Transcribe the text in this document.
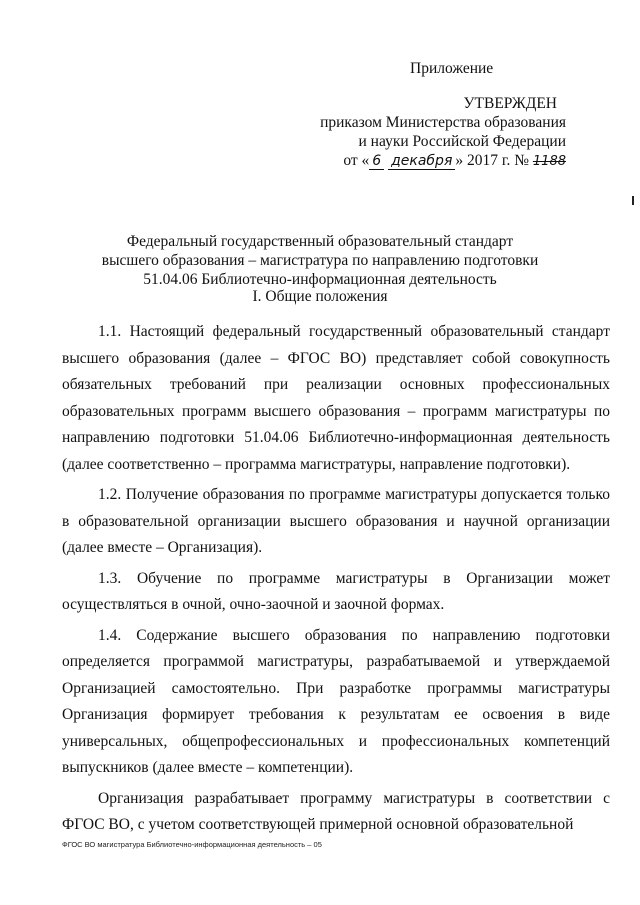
Приложение
УТВЕРЖДЕН
приказом Министерства образования
и науки Российской Федерации
от « 6 декабря » 2017 г. № 1188
Федеральный государственный образовательный стандарт
высшего образования – магистратура по направлению подготовки
51.04.06 Библиотечно-информационная деятельность
I. Общие положения

1.1. Настоящий федеральный государственный образовательный стандарт высшего образования (далее – ФГОС ВО) представляет собой совокупность обязательных требований при реализации основных профессиональных образовательных программ высшего образования – программ магистратуры по направлению подготовки 51.04.06 Библиотечно-информационная деятельность (далее соответственно – программа магистратуры, направление подготовки).

1.2. Получение образования по программе магистратуры допускается только в образовательной организации высшего образования и научной организации (далее вместе – Организация).

1.3. Обучение по программе магистратуры в Организации может осуществляться в очной, очно-заочной и заочной формах.

1.4. Содержание высшего образования по направлению подготовки определяется программой магистратуры, разрабатываемой и утверждаемой Организацией самостоятельно. При разработке программы магистратуры Организация формирует требования к результатам ее освоения в виде универсальных, общепрофессиональных и профессиональных компетенций выпускников (далее вместе – компетенции).

Организация разрабатывает программу магистратуры в соответствии с ФГОС ВО, с учетом соответствующей примерной основной образовательной

ФГОС ВО магистратура Библиотечно-информационная деятельность – 05
